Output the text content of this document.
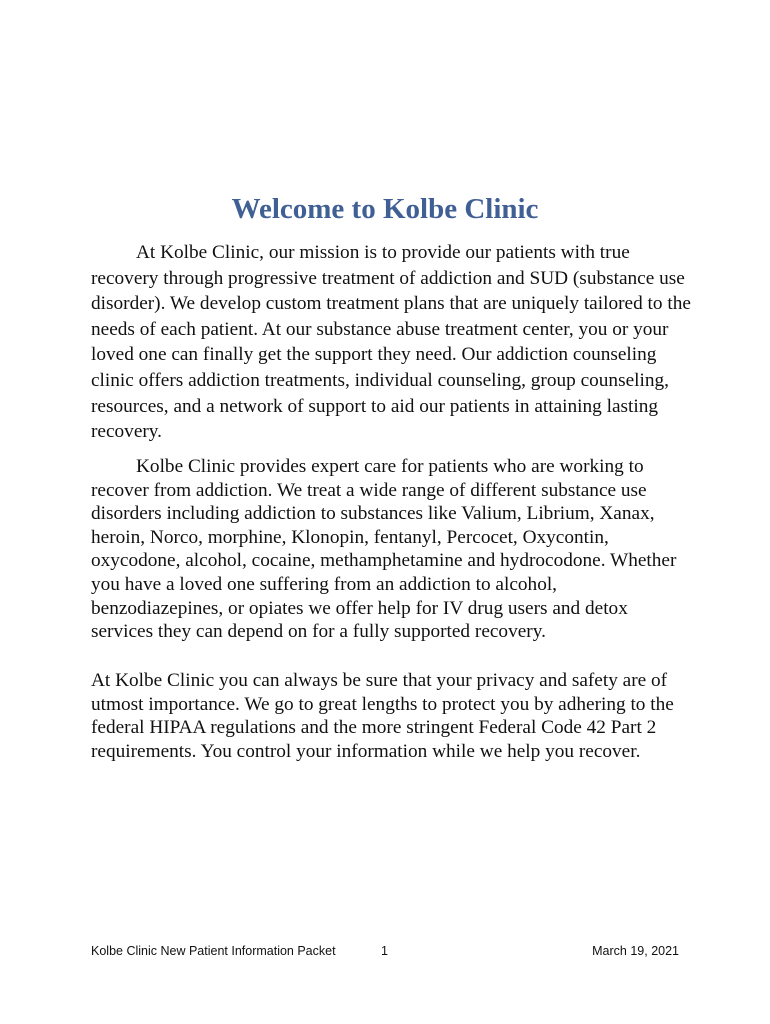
Welcome to Kolbe Clinic

At Kolbe Clinic, our mission is to provide our patients with true recovery through progressive treatment of addiction and SUD (substance use disorder). We develop custom treatment plans that are uniquely tailored to the needs of each patient. At our substance abuse treatment center, you or your loved one can finally get the support they need. Our addiction counseling clinic offers addiction treatments, individual counseling, group counseling, resources, and a network of support to aid our patients in attaining lasting recovery.

Kolbe Clinic provides expert care for patients who are working to recover from addiction. We treat a wide range of different substance use disorders including addiction to substances like Valium, Librium, Xanax, heroin, Norco, morphine, Klonopin, fentanyl, Percocet, Oxycontin, oxycodone, alcohol, cocaine, methamphetamine and hydrocodone. Whether you have a loved one suffering from an addiction to alcohol, benzodiazepines, or opiates we offer help for IV drug users and detox services they can depend on for a fully supported recovery.

At Kolbe Clinic you can always be sure that your privacy and safety are of utmost importance. We go to great lengths to protect you by adhering to the federal HIPAA regulations and the more stringent Federal Code 42 Part 2 requirements. You control your information while we help you recover.

Kolbe Clinic New Patient Information Packet	1	March 19, 2021
